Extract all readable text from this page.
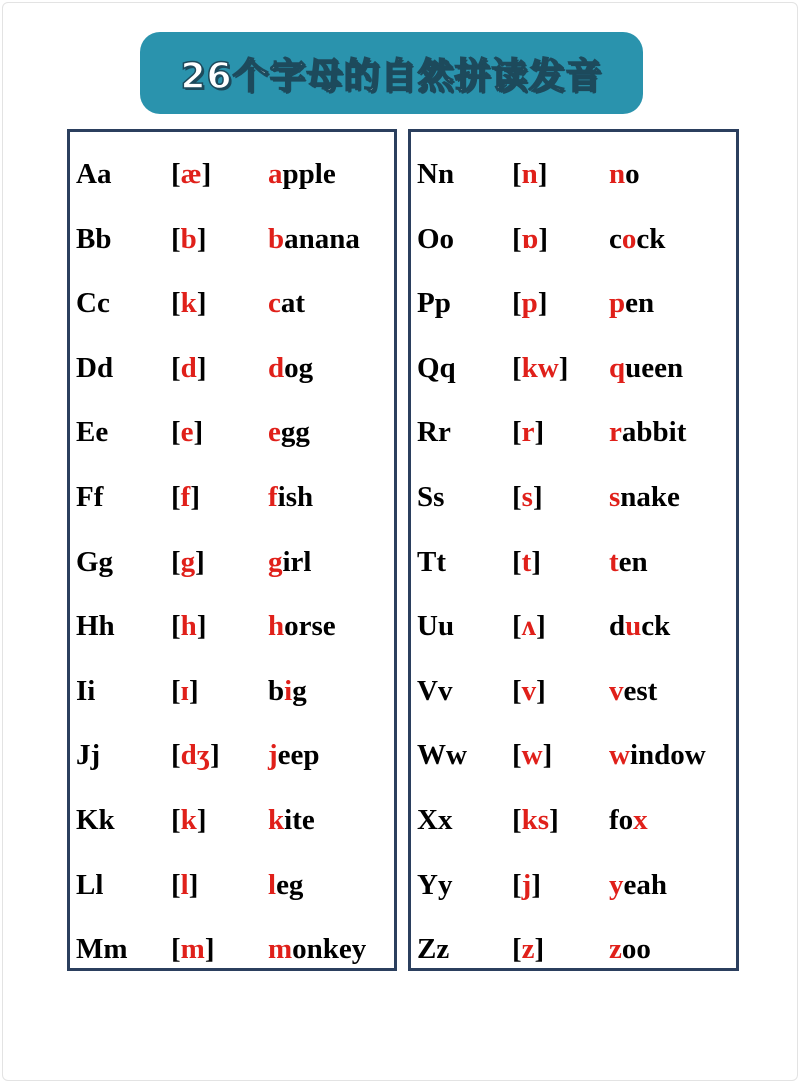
26个字母的自然拼读发音
Aa [æ] apple
Bb [b] banana
Cc [k] cat
Dd [d] dog
Ee [e] egg
Ff [f] fish
Gg [g] girl
Hh [h] horse
Ii	[ɪ] big
Jj [dʒ] jeep
Kk [k] kite
Ll [l] leg
Mm [m] monkey
Nn [n] no
Oo [ɒ] cock
Pp [p] pen
Qq [kw] queen
Rr [r] rabbit
Ss [s] snake
Tt [t] ten
Uu [ʌ] duck
Vv [v] vest
Ww [w] window
Xx [ks] fox
Yy [j] yeah
Zz [z] zoo
